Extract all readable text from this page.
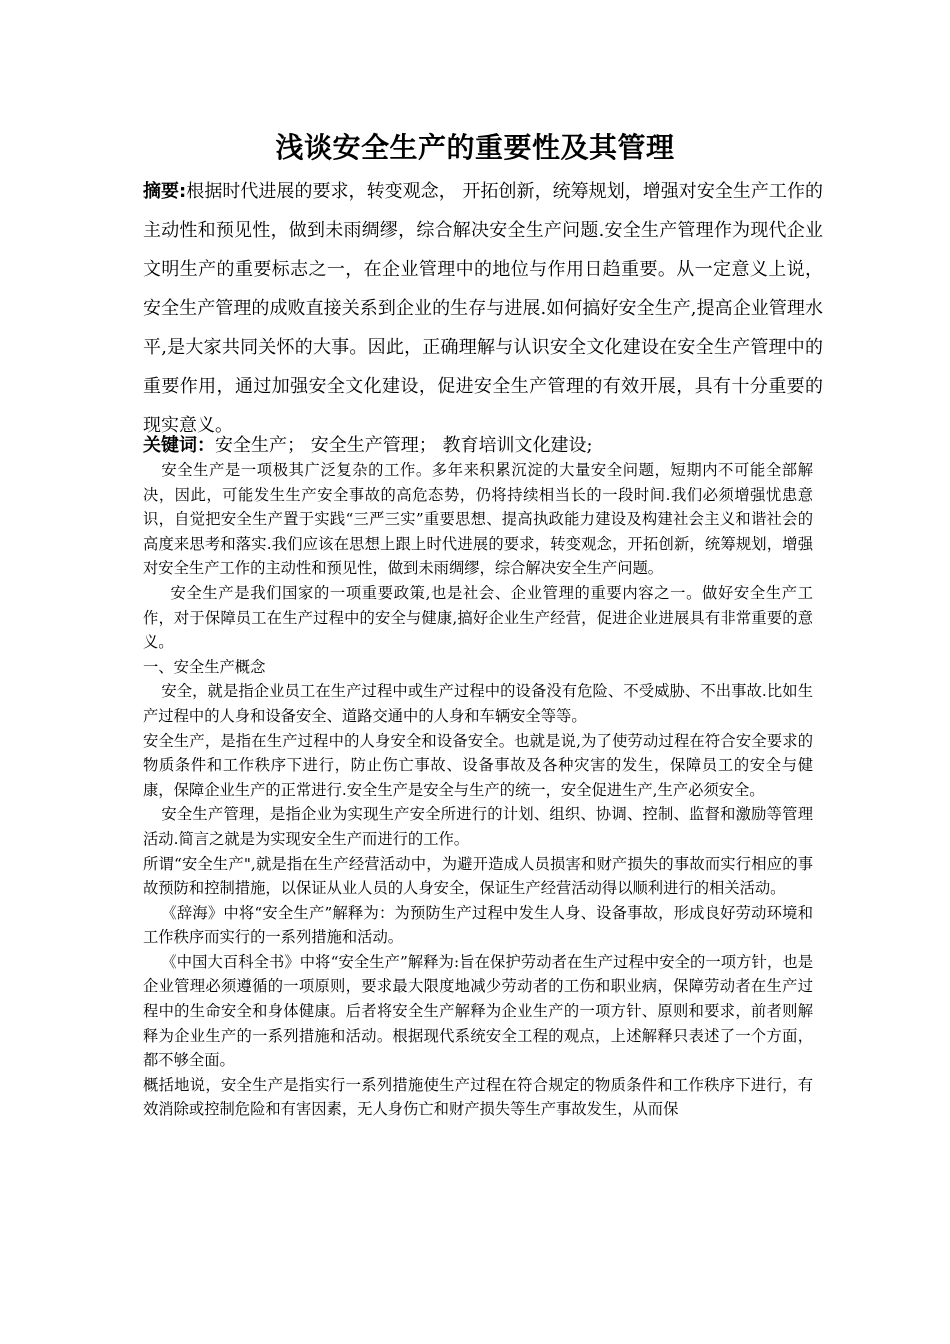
浅谈安全生产的重要性及其管理
摘要:根据时代进展的要求，转变观念， 开拓创新，统筹规划，增强对安全生产工作的主动性和预见性，做到未雨绸缪，综合解决安全生产问题.安全生产管理作为现代企业文明生产的重要标志之一，在企业管理中的地位与作用日趋重要。从一定意义上说，安全生产管理的成败直接关系到企业的生存与进展.如何搞好安全生产,提高企业管理水平,是大家共同关怀的大事。因此，正确理解与认识安全文化建设在安全生产管理中的重要作用，通过加强安全文化建设，促进安全生产管理的有效开展，具有十分重要的现实意义。
关键词：安全生产； 安全生产管理； 教育培训文化建设;

安全生产是一项极其广泛复杂的工作。多年来积累沉淀的大量安全问题，短期内不可能全部解决，因此，可能发生生产安全事故的高危态势，仍将持续相当长的一段时间.我们必须增强忧患意识，自觉把安全生产置于实践“三严三实”重要思想、提高执政能力建设及构建社会主义和谐社会的高度来思考和落实.我们应该在思想上跟上时代进展的要求，转变观念，开拓创新，统筹规划，增强对安全生产工作的主动性和预见性，做到未雨绸缪，综合解决安全生产问题。

安全生产是我们国家的一项重要政策,也是社会、企业管理的重要内容之一。做好安全生产工作，对于保障员工在生产过程中的安全与健康,搞好企业生产经营，促进企业进展具有非常重要的意义。

一、安全生产概念

安全，就是指企业员工在生产过程中或生产过程中的设备没有危险、不受威胁、不出事故.比如生产过程中的人身和设备安全、道路交通中的人身和车辆安全等等。

安全生产，是指在生产过程中的人身安全和设备安全。也就是说,为了使劳动过程在符合安全要求的物质条件和工作秩序下进行，防止伤亡事故、设备事故及各种灾害的发生，保障员工的安全与健康，保障企业生产的正常进行.安全生产是安全与生产的统一，安全促进生产,生产必须安全。

安全生产管理，是指企业为实现生产安全所进行的计划、组织、协调、控制、监督和激励等管理活动.简言之就是为实现安全生产而进行的工作。

所谓“安全生产",就是指在生产经营活动中，为避开造成人员损害和财产损失的事故而实行相应的事故预防和控制措施，以保证从业人员的人身安全，保证生产经营活动得以顺利进行的相关活动。

《辞海》中将“安全生产”解释为：为预防生产过程中发生人身、设备事故，形成良好劳动环境和工作秩序而实行的一系列措施和活动。

《中国大百科全书》中将“安全生产”解释为:旨在保护劳动者在生产过程中安全的一项方针，也是企业管理必须遵循的一项原则，要求最大限度地减少劳动者的工伤和职业病，保障劳动者在生产过程中的生命安全和身体健康。后者将安全生产解释为企业生产的一项方针、原则和要求，前者则解释为企业生产的一系列措施和活动。根据现代系统安全工程的观点，上述解释只表述了一个方面，都不够全面。

概括地说，安全生产是指实行一系列措施使生产过程在符合规定的物质条件和工作秩序下进行，有效消除或控制危险和有害因素，无人身伤亡和财产损失等生产事故发生，从而保
